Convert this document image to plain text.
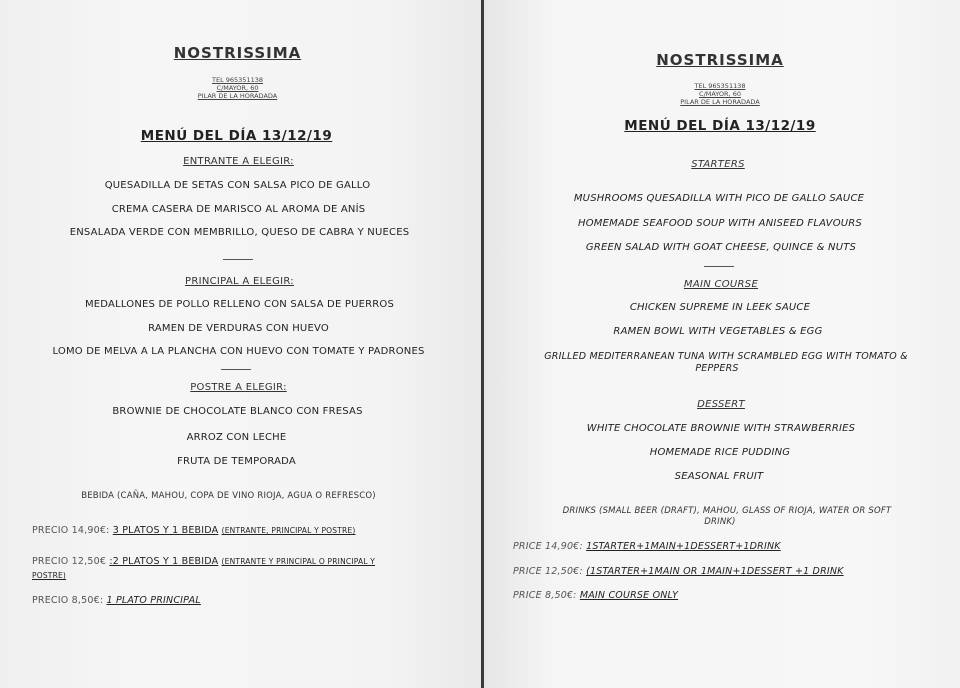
NOSTRISSIMA
TEL 965351138
C/MAYOR, 60
PILAR DE LA HORADADA
MENÚ DEL DÍA 13/12/19
ENTRANTE A ELEGIR:
QUESADILLA DE SETAS CON SALSA PICO DE GALLO
CREMA CASERA DE MARISCO AL AROMA DE ANÍS
ENSALADA VERDE CON MEMBRILLO, QUESO DE CABRA Y NUECES
PRINCIPAL A ELEGIR:
MEDALLONES DE POLLO RELLENO CON SALSA DE PUERROS
RAMEN DE VERDURAS CON HUEVO
LOMO DE MELVA A LA PLANCHA CON HUEVO CON TOMATE Y PADRONES
POSTRE A ELEGIR:
BROWNIE DE CHOCOLATE BLANCO CON FRESAS
ARROZ CON LECHE
FRUTA DE TEMPORADA
BEBIDA (CAÑA, MAHOU, COPA DE VINO RIOJA, AGUA O REFRESCO)
PRECIO 14,90€: 3 PLATOS Y 1 BEBIDA (ENTRANTE, PRINCIPAL Y POSTRE)
PRECIO 12,50€ :2 PLATOS Y 1 BEBIDA (ENTRANTE Y PRINCIPAL O PRINCIPAL Y
POSTRE)
PRECIO 8,50€: 1 PLATO PRINCIPAL
NOSTRISSIMA
TEL 965351138
C/MAYOR, 60
PILAR DE LA HORADADA
MENÚ DEL DÍA 13/12/19
STARTERS
MUSHROOMS QUESADILLA WITH PICO DE GALLO SAUCE
HOMEMADE SEAFOOD SOUP WITH ANISEED FLAVOURS
GREEN SALAD WITH GOAT CHEESE, QUINCE & NUTS
MAIN COURSE
CHICKEN SUPREME IN LEEK SAUCE
RAMEN BOWL WITH VEGETABLES & EGG
GRILLED MEDITERRANEAN TUNA WITH SCRAMBLED EGG WITH TOMATO &
PEPPERS
DESSERT
WHITE CHOCOLATE BROWNIE WITH STRAWBERRIES
HOMEMADE RICE PUDDING
SEASONAL FRUIT
DRINKS (SMALL BEER (DRAFT), MAHOU, GLASS OF RIOJA, WATER OR SOFT
DRINK)
PRICE 14,90€: 1STARTER+1MAIN+1DESSERT+1DRINK
PRICE 12,50€: (1STARTER+1MAIN OR 1MAIN+1DESSERT +1 DRINK
PRICE 8,50€: MAIN COURSE ONLY
